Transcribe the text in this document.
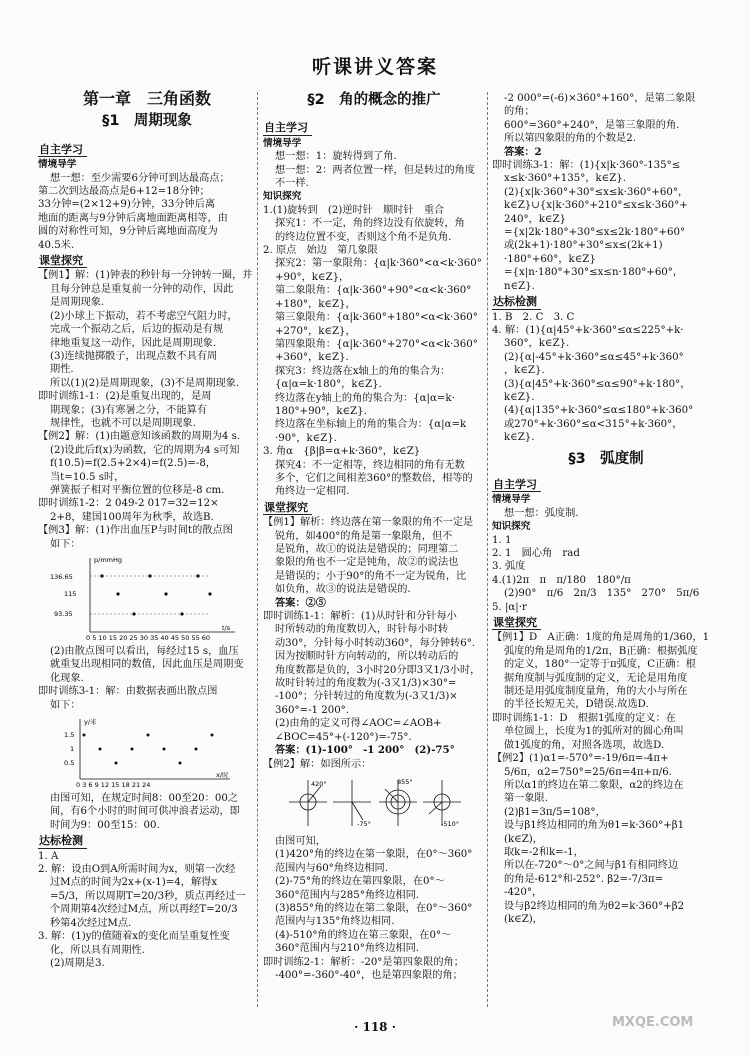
听课讲义答案
第一章　三角函数
§1　周期现象
自主学习

情境导学

想一想：至少需要6分钟可到达最高点；

第二次到达最高点是6+12=18分钟；

33分钟=(2×12+9)分钟，33分钟后离

地面的距离与9分钟后离地面距离相等，由

圆的对称性可知，9分钟后离地面高度为

40.5米.

课堂探究

【例1】解：(1)钟表的秒针每一分钟转一圈，并

且每分钟总是重复前一分钟的动作，因此

是周期现象.

(2)小球上下振动，若不考虑空气阻力时，

完成一个振动之后，后边的振动是有规

律地重复这一动作，因此是周期现象.

(3)连续抛掷骰子，出现点数不具有周

期性.

所以(1)(2)是周期现象，(3)不是周期现象.

即时训练1-1：(2)是重复出现的，是周

期现象；(3)有寒暑之分，不能算有

规律性，也就不可以是周期现象.

【例2】解：(1)由题意知该函数的周期为4 s.

(2)设此后f(x)为函数，它的周期为4 s可知

f(10.5)=f(2.5+2×4)=f(2.5)=-8，

当t=10.5 s时，

弹簧振子相对平衡位置的位移是-8 cm.

即时训练1-2：2 049-2 017=32=12×

2+8，建国100周年为秋季，故选B.

【例3】解：(1)作出血压P与时间t的散点图

如下：

p/mmHg
t/s
136.65
115
93.35
0 5 10 15 20 25 30 35 40 45 50 55 60

(2)由散点图可以看出，每经过15 s，血压

就重复出现相同的数值，因此血压是周期变

化现象.

即时训练3-1：解：由数据表画出散点图

如下：

y/米
x/时
1.5
1
0.5
0 3 6 9 12 15 18 21 24

由图可知，在规定时间8：00至20：00之

间，有6个小时的时间可供冲浪者运动，即

时间为9：00至15：00.

达标检测

1. A

2. 解：设由O到A所需时间为x，则第一次经

过M点的时间为2x+(x-1)=4，解得x

=5/3，所以周期T=20/3秒，质点再经过一

个周期第4次经过M点，所以再经T=20/3

秒第4次经过M点.

3. 解：(1)y的值随着x的变化而呈重复性变

化，所以具有周期性.

(2)周期是3.

§2　角的概念的推广
自主学习

情境导学

想一想：1：旋转得到了角.

想一想：2：两者位置一样，但是转过的角度

不一样.

知识探究

1.(1)旋转到　(2)逆时针　顺时针　重合

探究1：不一定，角的终边没有依旋转，角

的终边位置不变，否则这个角不是负角.

2. 原点　始边　第几象限

探究2：第一象限角：{α|k·360°<α<k·360°+90°，k∈Z}，

第二象限角：{α|k·360°+90°<α<k·360°+180°，k∈Z}，

第三象限角：{α|k·360°+180°<α<k·360°+270°，k∈Z}，

第四象限角：{α|k·360°+270°<α<k·360°+360°，k∈Z}.

探究3：终边落在x轴上的角的集合为：

{α|α=k·180°，k∈Z}.

终边落在y轴上的角的集合为：{α|α=k·

180°+90°，k∈Z}.

终边落在坐标轴上的角的集合为：{α|α=k

·90°，k∈Z}.

3. 角α　{β|β=α+k·360°，k∈Z}

探究4：不一定相等，终边相同的角有无数

多个，它们之间相差360°的整数倍，相等的

角终边一定相同.

课堂探究

【例1】解析：终边落在第一象限的角不一定是

锐角，如400°的角是第一象限角，但不

是锐角，故①的说法是错误的；同理第二

象限的角也不一定是钝角，故②的说法也

是错误的；小于90°的角不一定为锐角，比

如负角，故③的说法是错误的.

答案：②⑤

即时训练1-1：解析：(1)从时针和分针每小

时所转动的角度数切入，时针每小时转

动30°，分针每小时转动360°，每分钟转6°.

因为按顺时针方向转动的，所以转动后的

角度数都是负的，3小时20分即3又1/3小时，

故时针转过的角度数为(-3又1/3)×30°=

-100°；分针转过的角度数为(-3又1/3)×

360°=-1 200°.

(2)由角的定义可得∠AOC=∠AOB+

∠BOC=45°+(-120°)=-75°.

答案：(1)-100°　-1 200°　(2)-75°

【例2】解：如图所示：

420°
-75°
855°
-510°

由图可知，

(1)420°角的终边在第一象限，在0°～360°

范围内与60°角终边相同.

(2)-75°角的终边在第四象限，在0°～

360°范围内与285°角终边相同.

(3)855°角的终边在第二象限，在0°～360°

范围内与135°角终边相同.

(4)-510°角的终边在第三象限，在0°～

360°范围内与210°角终边相同.

即时训练2-1：解析：-20°是第四象限的角；

-400°=-360°-40°，也是第四象限的角；

-2 000°=(-6)×360°+160°，是第二象限

的角；

600°=360°+240°，是第三象限的角.

所以第四象限的角的个数是2.

答案：2

即时训练3-1：解：(1){x|k·360°-135°≤

x≤k·360°+135°，k∈Z}.

(2){x|k·360°+30°≤x≤k·360°+60°，

k∈Z}∪{x|k·360°+210°≤x≤k·360°+

240°，k∈Z}

={x|2k·180°+30°≤x≤2k·180°+60°

或(2k+1)·180°+30°≤x≤(2k+1)

·180°+60°，k∈Z}

={x|n·180°+30°≤x≤n·180°+60°，

n∈Z}.

达标检测

1. B　2. C　3. C

4. 解：(1){α|45°+k·360°≤α≤225°+k·

360°，k∈Z}.

(2){α|-45°+k·360°≤α≤45°+k·360°

，k∈Z}.

(3){α|45°+k·360°≤α≤90°+k·180°，

k∈Z}.

(4){α|135°+k·360°≤α≤180°+k·360°

或270°+k·360°≤α<315°+k·360°，

k∈Z}.

§3　弧度制
自主学习

情境导学

想一想：弧度制.

知识探究

1. 1

2. 1　圆心角　rad

3. 弧度

4.(1)2π　π　π/180　180°/π

(2)90°　π/6　2π/3　135°　270°　5π/6

5. |α|·r

课堂探究

【例1】D　A正确：1度的角是周角的1/360，1

弧度的角是周角的1/2π，B正确：根据弧度

的定义，180°一定等于π弧度，C正确：根

据角度制与弧度制的定义，无论是用角度

制还是用弧度制度量角，角的大小与所在

的半径长短无关，D错误.故选D.

即时训练1-1：D　根据1弧度的定义：在

单位圆上，长度为1的弧所对的圆心角叫

做1弧度的角，对照各选项，故选D.

【例2】(1)α1=-570°=-19/6π=-4π+

5/6π，α2=750°=25/6π=4π+π/6.

所以α1的终边在第二象限，α2的终边在

第一象限.

(2)β1=3π/5=108°，

设与β1终边相同的角为θ1=k·360°+β1

(k∈Z)，

取k=-2和k=-1，

所以在-720°～0°之间与β1有相同终边

的角是-612°和-252°. β2=-7/3π=

-420°，

设与β2终边相同的角为θ2=k·360°+β2

(k∈Z)，

· 118 ·	MXQE.COM
